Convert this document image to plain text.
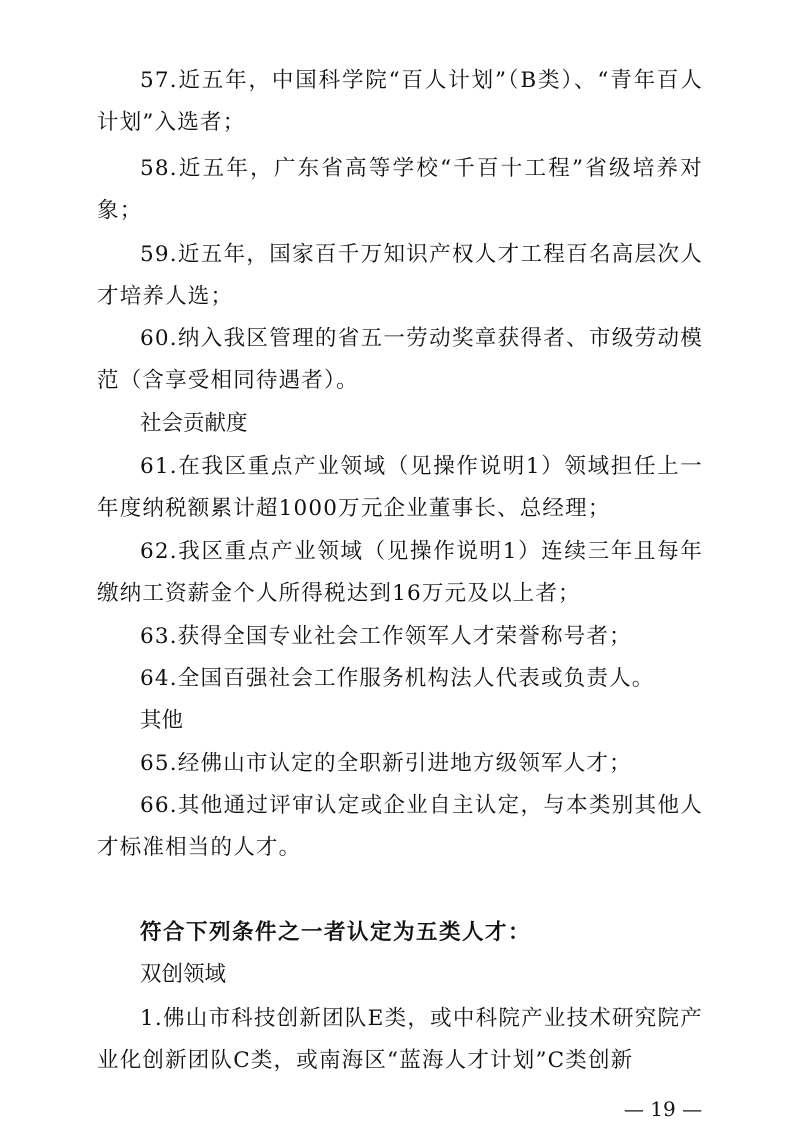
57.近五年，中国科学院“百人计划”（B类）、“青年百人计划”入选者；

58.近五年，广东省高等学校“千百十工程”省级培养对象；

59.近五年，国家百千万知识产权人才工程百名高层次人才培养人选；

60.纳入我区管理的省五一劳动奖章获得者、市级劳动模范（含享受相同待遇者）。

社会贡献度

61.在我区重点产业领域（见操作说明1）领域担任上一年度纳税额累计超1000万元企业董事长、总经理；

62.我区重点产业领域（见操作说明1）连续三年且每年缴纳工资薪金个人所得税达到16万元及以上者；

63.获得全国专业社会工作领军人才荣誉称号者；

64.全国百强社会工作服务机构法人代表或负责人。

其他

65.经佛山市认定的全职新引进地方级领军人才；

66.其他通过评审认定或企业自主认定，与本类别其他人才标准相当的人才。

符合下列条件之一者认定为五类人才：

双创领域

1.佛山市科技创新团队E类，或中科院产业技术研究院产业化创新团队C类，或南海区“蓝海人才计划”C类创新

— 19 —
